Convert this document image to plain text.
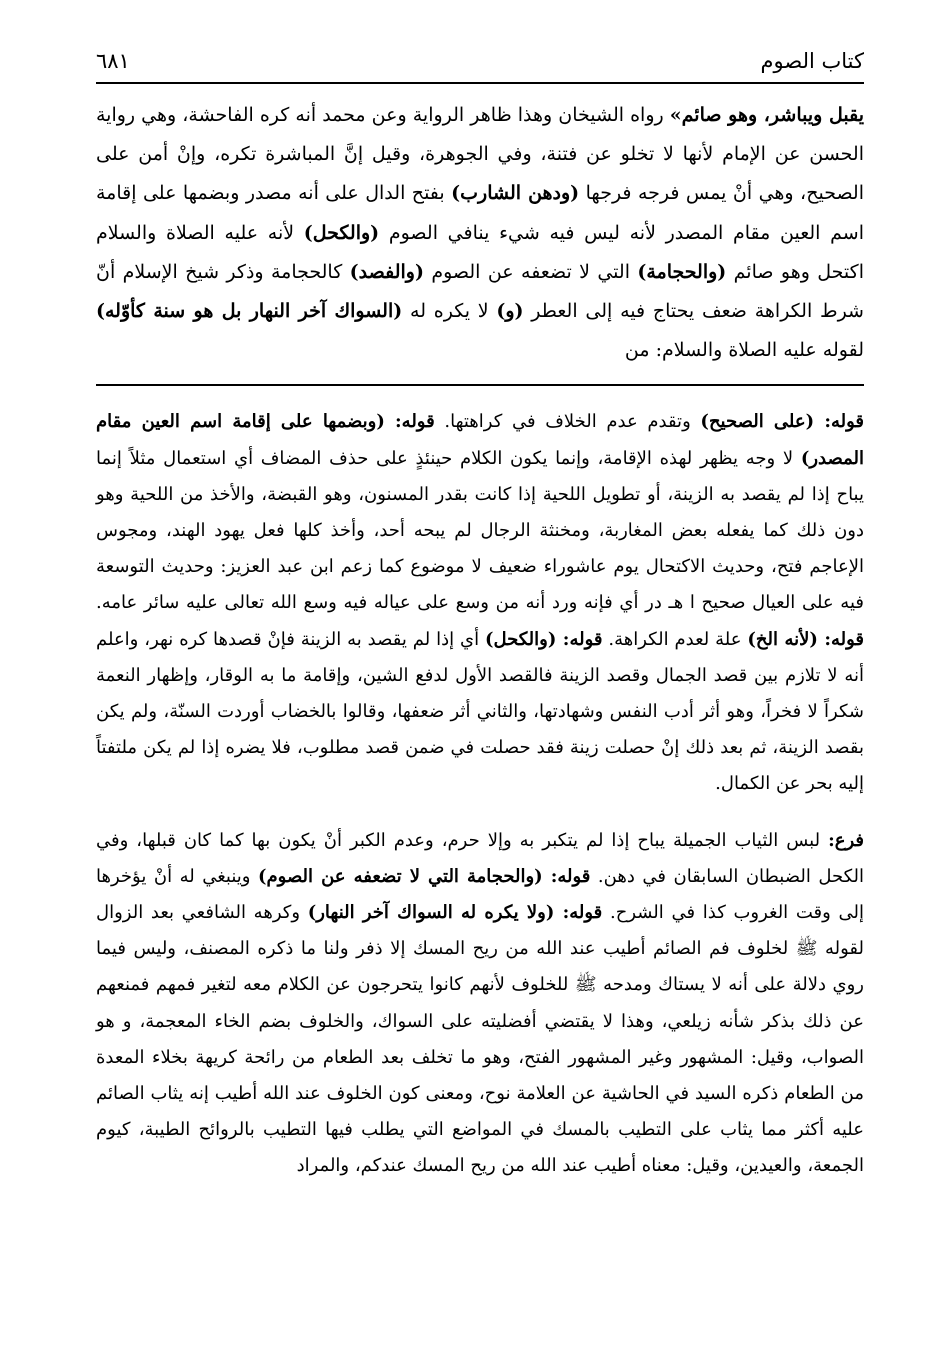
كتاب الصوم
٦٨١

يقبل ويباشر، وهو صائم» رواه الشيخان وهذا ظاهر الرواية وعن محمد أنه كره الفاحشة، وهي رواية الحسن عن الإمام لأنها لا تخلو عن فتنة، وفي الجوهرة، وقيل إنَّ المباشرة تكره، وإنْ أمن على الصحيح، وهي أنْ يمس فرجه فرجها (ودهن الشارب) بفتح الدال على أنه مصدر وبضمها على إقامة اسم العين مقام المصدر لأنه ليس فيه شيء ينافي الصوم (والكحل) لأنه عليه الصلاة والسلام اكتحل وهو صائم (والحجامة) التي لا تضعفه عن الصوم (والفصد) كالحجامة وذكر شيخ الإسلام أنّ شرط الكراهة ضعف يحتاج فيه إلى العطر (و) لا يكره له (السواك آخر النهار بل هو سنة كأوّله) لقوله عليه الصلاة والسلام: من

قوله: (على الصحيح) وتقدم عدم الخلاف في كراهتها. قوله: (وبضمها على إقامة اسم العين مقام المصدر) لا وجه يظهر لهذه الإقامة، وإنما يكون الكلام حينئذٍ على حذف المضاف أي استعمال مثلاً إنما يباح إذا لم يقصد به الزينة، أو تطويل اللحية إذا كانت بقدر المسنون، وهو القبضة، والأخذ من اللحية وهو دون ذلك كما يفعله بعض المغاربة، ومخنثة الرجال لم يبحه أحد، وأخذ كلها فعل يهود الهند، ومجوس الإعاجم فتح، وحديث الاكتحال يوم عاشوراء ضعيف لا موضوع كما زعم ابن عبد العزيز: وحديث التوسعة فيه على العيال صحيح ا هـ در أي فإنه ورد أنه من وسع على عياله فيه وسع الله تعالى عليه سائر عامه. قوله: (لأنه الخ) علة لعدم الكراهة. قوله: (والكحل) أي إذا لم يقصد به الزينة فإنْ قصدها كره نهر، واعلم أنه لا تلازم بين قصد الجمال وقصد الزينة فالقصد الأول لدفع الشين، وإقامة ما به الوقار، وإظهار النعمة شكراً لا فخراً، وهو أثر أدب النفس وشهادتها، والثاني أثر ضعفها، وقالوا بالخضاب أوردت السنّة، ولم يكن بقصد الزينة، ثم بعد ذلك إنْ حصلت زينة فقد حصلت في ضمن قصد مطلوب، فلا يضره إذا لم يكن ملتفتاً إليه بحر عن الكمال.

فرع: لبس الثياب الجميلة يباح إذا لم يتكبر به وإلا حرم، وعدم الكبر أنْ يكون بها كما كان قبلها، وفي الكحل الضبطان السابقان في دهن. قوله: (والحجامة التي لا تضعفه عن الصوم) وينبغي له أنْ يؤخرها إلى وقت الغروب كذا في الشرح. قوله: (ولا يكره له السواك آخر النهار) وكرهه الشافعي بعد الزوال لقوله ﷺ لخلوف فم الصائم أطيب عند الله من ريح المسك إلا ذفر ولنا ما ذكره المصنف، وليس فيما روي دلالة على أنه لا يستاك ومدحه ﷺ للخلوف لأنهم كانوا يتحرجون عن الكلام معه لتغير فمهم فمنعهم عن ذلك بذكر شأنه زيلعي، وهذا لا يقتضي أفضليته على السواك، والخلوف بضم الخاء المعجمة، و هو الصواب، وقيل: المشهور وغير المشهور الفتح، وهو ما تخلف بعد الطعام من رائحة كريهة بخلاء المعدة من الطعام ذكره السيد في الحاشية عن العلامة نوح، ومعنى كون الخلوف عند الله أطيب إنه يثاب الصائم عليه أكثر مما يثاب على التطيب بالمسك في المواضع التي يطلب فيها التطيب بالروائح الطيبة، كيوم الجمعة، والعيدين، وقيل: معناه أطيب عند الله من ريح المسك عندكم، والمراد
